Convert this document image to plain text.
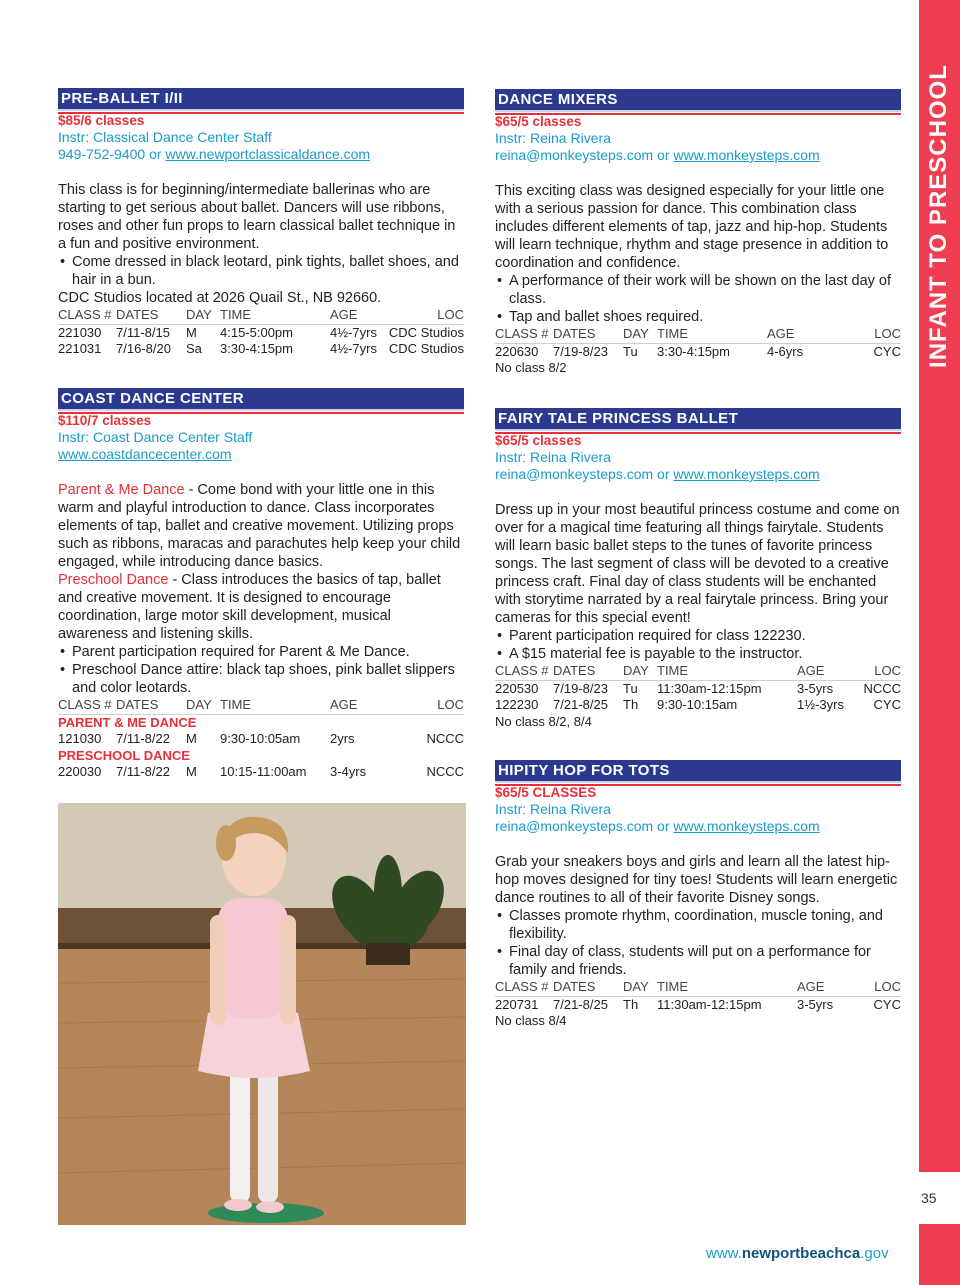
INFANT TO PRESCHOOL
35
www.newportbeachca.gov
PRE-BALLET I/II
$85/6 classes
Instr: Classical Dance Center Staff
949-752-9400 or www.newportclassicaldance.com
This class is for beginning/intermediate ballerinas who are starting to get serious about ballet. Dancers will use ribbons, roses and other fun props to learn classical ballet technique in a fun and positive environment.
• Come dressed in black leotard, pink tights, ballet shoes, and hair in a bun.
CDC Studios located at 2026 Quail St., NB 92660.
CLASS # DATES	DAY TIME	AGE	LOC
221030	7/11-8/15	M	4:15-5:00pm	4½-7yrs CDC Studios
221031	7/16-8/20	Sa	3:30-4:15pm	4½-7yrs CDC Studios
COAST DANCE CENTER
$110/7 classes
Instr: Coast Dance Center Staff
www.coastdancecenter.com
Parent & Me Dance - Come bond with your little one in this warm and playful introduction to dance. Class incorporates elements of tap, ballet and creative movement. Utilizing props such as ribbons, maracas and parachutes help keep your child engaged, while introducing dance basics.
Preschool Dance - Class introduces the basics of tap, ballet and creative movement. It is designed to encourage coordination, large motor skill development, musical awareness and listening skills.
• Parent participation required for Parent & Me Dance.
• Preschool Dance attire: black tap shoes, pink ballet slippers and color leotards.
CLASS # DATES	DAY TIME	AGE	LOC
PARENT & ME DANCE
121030	7/11-8/22	M	9:30-10:05am	2yrs	NCCC
PRESCHOOL DANCE
220030	7/11-8/22	M	10:15-11:00am	3-4yrs	NCCC
DANCE MIXERS
$65/5 classes
Instr: Reina Rivera
reina@monkeysteps.com or www.monkeysteps.com
This exciting class was designed especially for your little one with a serious passion for dance. This combination class includes different elements of tap, jazz and hip-hop. Students will learn technique, rhythm and stage presence in addition to coordination and confidence.
• A performance of their work will be shown on the last day of class.
• Tap and ballet shoes required.
CLASS # DATES	DAY TIME	AGE	LOC
220630	7/19-8/23	Tu	3:30-4:15pm	4-6yrs	CYC
No class 8/2
FAIRY TALE PRINCESS BALLET
$65/5 classes
Instr: Reina Rivera
reina@monkeysteps.com or www.monkeysteps.com
Dress up in your most beautiful princess costume and come on over for a magical time featuring all things fairytale. Students will learn basic ballet steps to the tunes of favorite princess songs. The last segment of class will be devoted to a creative princess craft. Final day of class students will be enchanted with storytime narrated by a real fairytale princess. Bring your cameras for this special event!
• Parent participation required for class 122230.
• A $15 material fee is payable to the instructor.
CLASS # DATES	DAY TIME	AGE	LOC
220530	7/19-8/23	Tu	11:30am-12:15pm	3-5yrs	NCCC
122230	7/21-8/25	Th	9:30-10:15am	1½-3yrs	CYC
No class 8/2, 8/4
HIPITY HOP FOR TOTS
$65/5 CLASSES
Instr: Reina Rivera
reina@monkeysteps.com or www.monkeysteps.com
Grab your sneakers boys and girls and learn all the latest hip-hop moves designed for tiny toes! Students will learn energetic dance routines to all of their favorite Disney songs.
• Classes promote rhythm, coordination, muscle toning, and flexibility.
• Final day of class, students will put on a performance for family and friends.
CLASS # DATES	DAY TIME	AGE	LOC
220731	7/21-8/25	Th	11:30am-12:15pm	3-5yrs	CYC
No class 8/4
